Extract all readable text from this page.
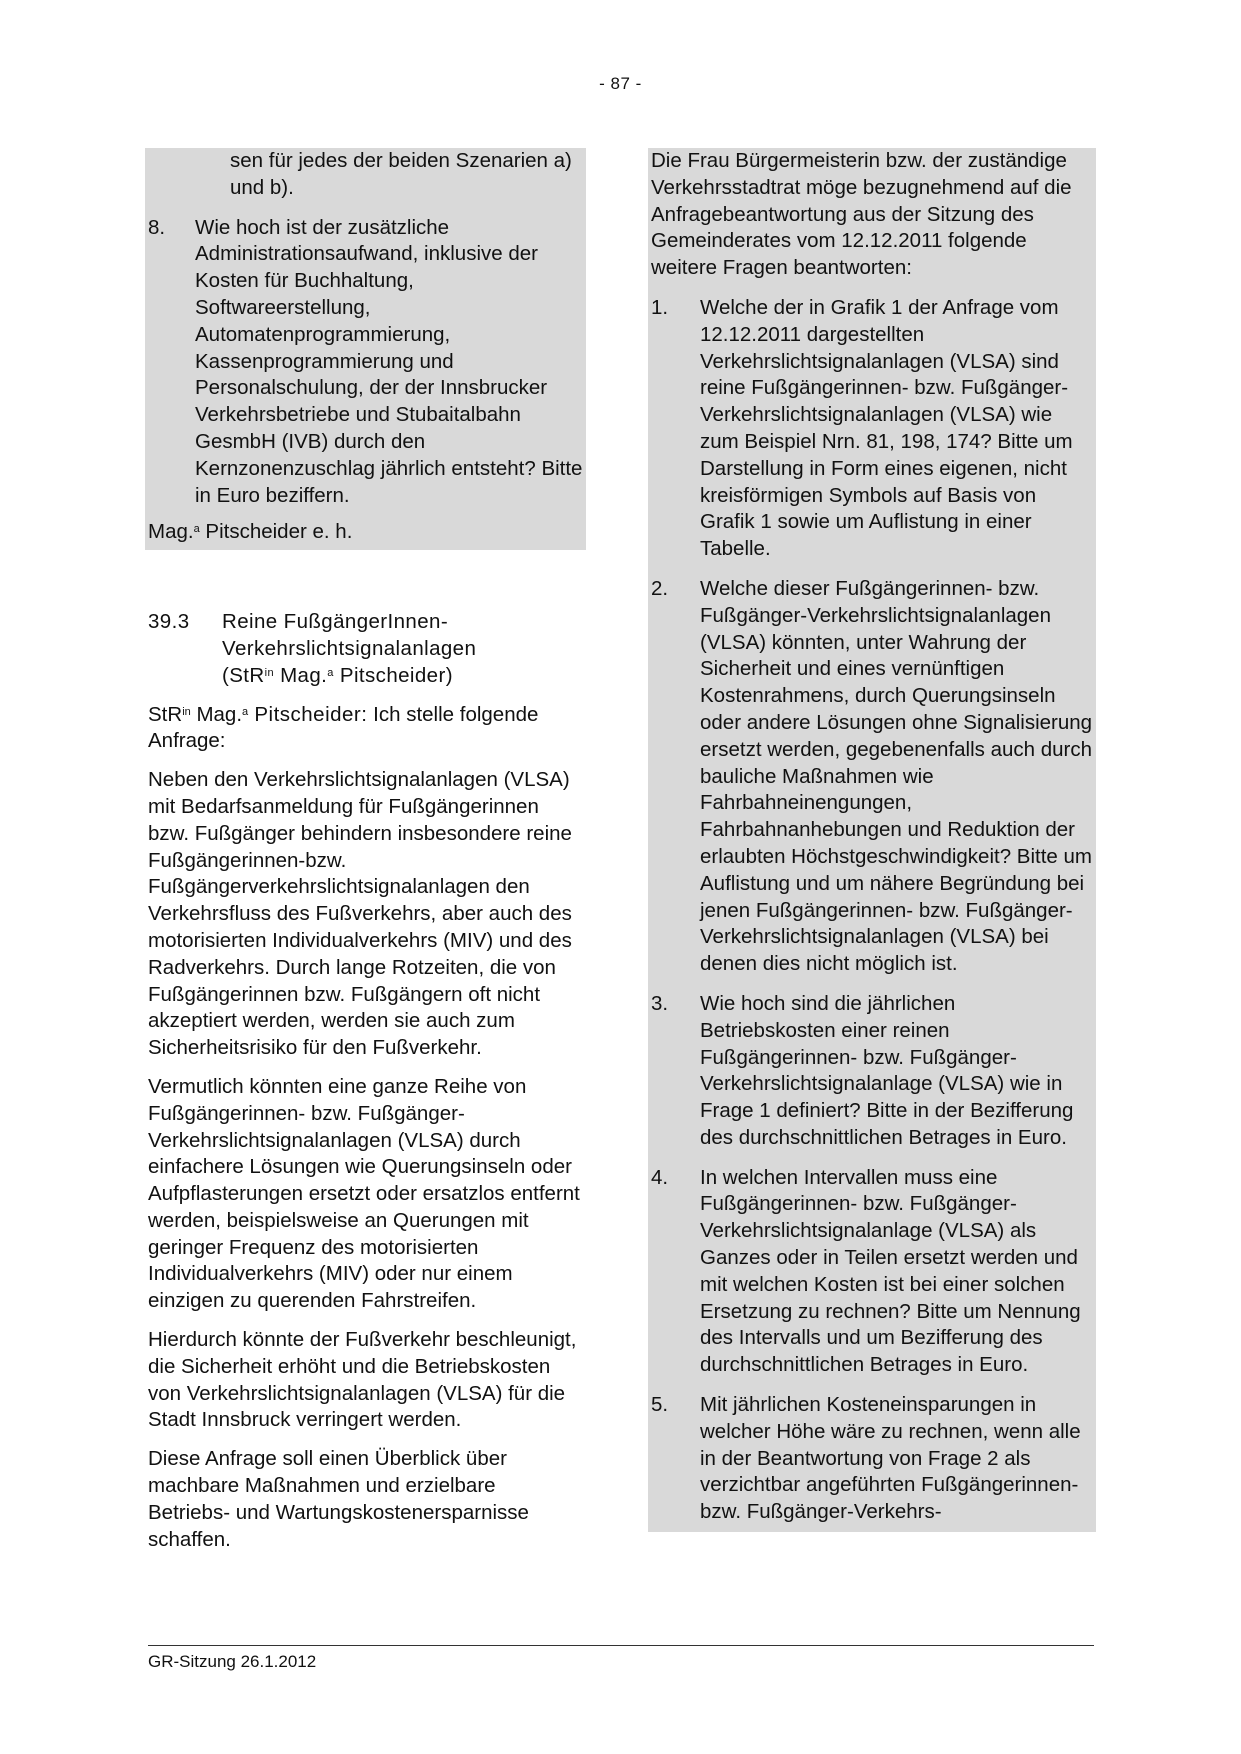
- 87 -
sen für jedes der beiden Szenarien a) und b).
8.	Wie hoch ist der zusätzliche Administrationsaufwand, inklusive der Kosten für Buchhaltung, Softwareerstellung, Automatenprogrammierung, Kassenprogrammierung und Personalschulung, der der Innsbrucker Verkehrsbetriebe und Stubaitalbahn GesmbH (IVB) durch den Kernzonenzuschlag jährlich entsteht? Bitte in Euro beziffern.
Mag.$^a$ Pitscheider e. h.
39.3	Reine FußgängerInnen-Verkehrslichtsignalanlagen
(StR$^{in}$ Mag.$^a$ Pitscheider)

StR$^{in}$ Mag.$^a$ Pitscheider: Ich stelle folgende Anfrage:

Neben den Verkehrslichtsignalanlagen (VLSA) mit Bedarfsanmeldung für Fußgängerinnen bzw. Fußgänger behindern insbesondere reine Fußgängerinnen-bzw. Fußgängerverkehrslichtsignalanlagen den Verkehrsfluss des Fußverkehrs, aber auch des motorisierten Individualverkehrs (MIV) und des Radverkehrs. Durch lange Rotzeiten, die von Fußgängerinnen bzw. Fußgängern oft nicht akzeptiert werden, werden sie auch zum Sicherheitsrisiko für den Fußverkehr.

Vermutlich könnten eine ganze Reihe von Fußgängerinnen- bzw. Fußgänger-Verkehrslichtsignalanlagen (VLSA) durch einfachere Lösungen wie Querungsinseln oder Aufpflasterungen ersetzt oder ersatzlos entfernt werden, beispielsweise an Querungen mit geringer Frequenz des motorisierten Individualverkehrs (MIV) oder nur einem einzigen zu querenden Fahrstreifen.

Hierdurch könnte der Fußverkehr beschleunigt, die Sicherheit erhöht und die Betriebskosten von Verkehrslichtsignalanlagen (VLSA) für die Stadt Innsbruck verringert werden.

Diese Anfrage soll einen Überblick über machbare Maßnahmen und erzielbare Betriebs- und Wartungskostenersparnisse schaffen.

Die Frau Bürgermeisterin bzw. der zuständige Verkehrsstadtrat möge bezugnehmend auf die Anfragebeantwortung aus der Sitzung des Gemeinderates vom 12.12.2011 folgende weitere Fragen beantworten:

1.	Welche der in Grafik 1 der Anfrage vom 12.12.2011 dargestellten Verkehrslichtsignalanlagen (VLSA) sind reine Fußgängerinnen- bzw. Fußgänger-Verkehrslichtsignalanlagen (VLSA) wie zum Beispiel Nrn. 81, 198, 174? Bitte um Darstellung in Form eines eigenen, nicht kreisförmigen Symbols auf Basis von Grafik 1 sowie um Auflistung in einer Tabelle.
2.	Welche dieser Fußgängerinnen- bzw. Fußgänger-Verkehrslichtsignalanlagen (VLSA) könnten, unter Wahrung der Sicherheit und eines vernünftigen Kostenrahmens, durch Querungsinseln oder andere Lösungen ohne Signalisierung ersetzt werden, gegebenenfalls auch durch bauliche Maßnahmen wie Fahrbahneinengungen, Fahrbahnanhebungen und Reduktion der erlaubten Höchstgeschwindigkeit? Bitte um Auflistung und um nähere Begründung bei jenen Fußgängerinnen- bzw. Fußgänger-Verkehrslichtsignalanlagen (VLSA) bei denen dies nicht möglich ist.
3.	Wie hoch sind die jährlichen Betriebskosten einer reinen Fußgängerinnen- bzw. Fußgänger-Verkehrslichtsignalanlage (VLSA) wie in Frage 1 definiert? Bitte in der Bezifferung des durchschnittlichen Betrages in Euro.
4.	In welchen Intervallen muss eine Fußgängerinnen- bzw. Fußgänger-Verkehrslichtsignalanlage (VLSA) als Ganzes oder in Teilen ersetzt werden und mit welchen Kosten ist bei einer solchen Ersetzung zu rechnen? Bitte um Nennung des Intervalls und um Bezifferung des durchschnittlichen Betrages in Euro.
5.	Mit jährlichen Kosteneinsparungen in welcher Höhe wäre zu rechnen, wenn alle in der Beantwortung von Frage 2 als verzichtbar angeführten Fußgängerinnen- bzw. Fußgänger-Verkehrs-
GR-Sitzung 26.1.2012
